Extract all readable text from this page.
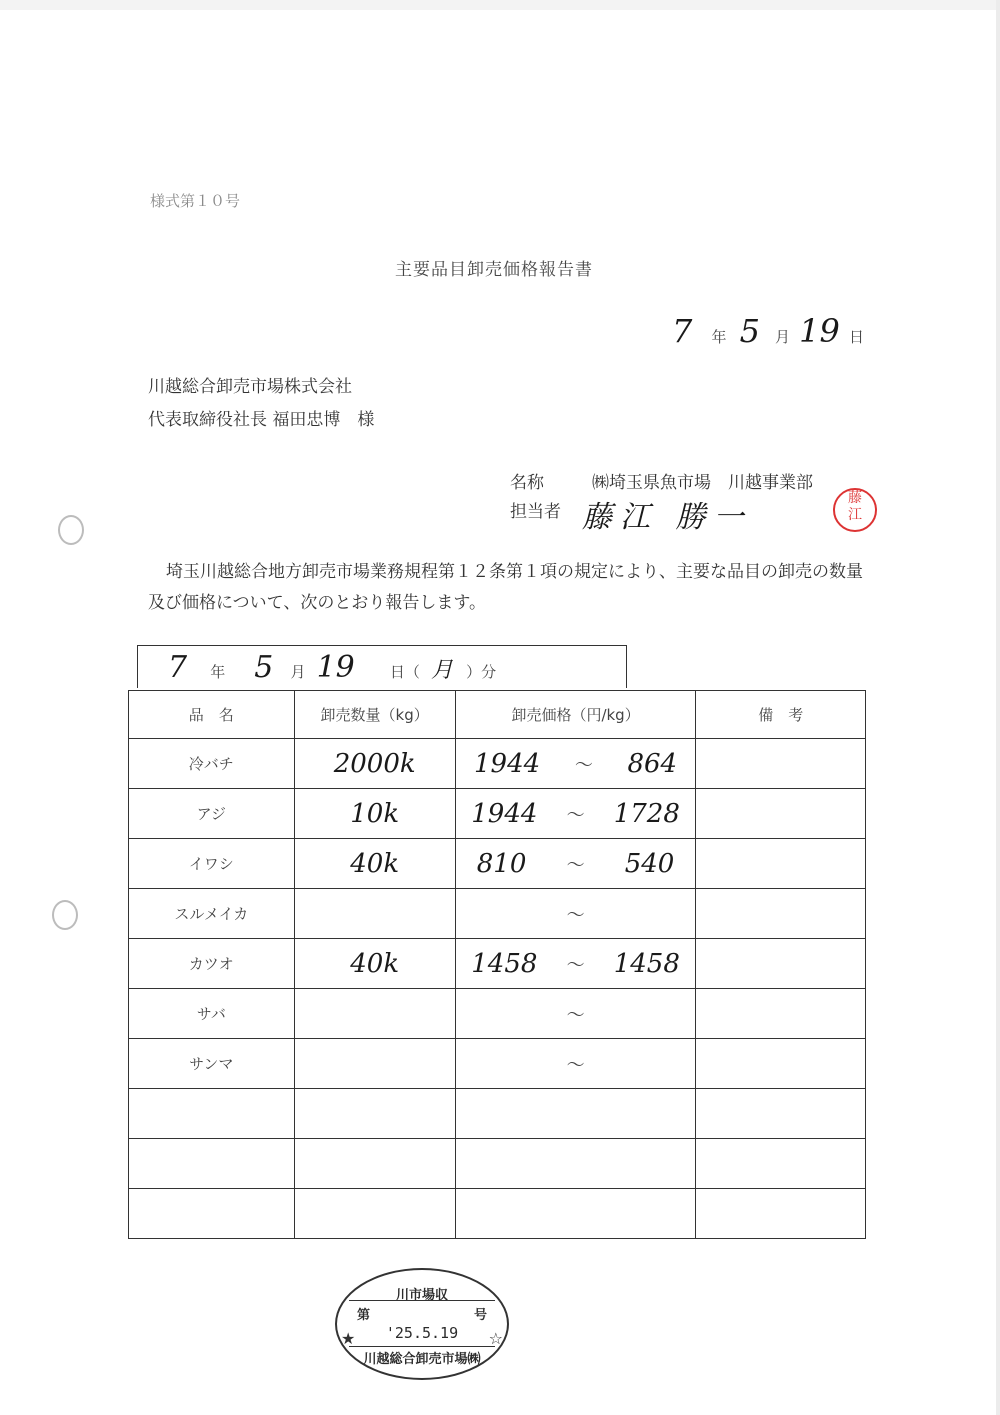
様式第１０号
主要品目卸売価格報告書
7 年 5 月 19 日
川越総合卸売市場株式会社
代表取締役社長 福田忠博　様
名称	㈱埼玉県魚市場　川越事業部
担当者 藤江 勝一
藤
江
埼玉川越総合地方卸売市場業務規程第１２条第１項の規定により、主要な品目の卸売の数量及び価格について、次のとおり報告します。
7 年 5 月 19 日（ 月 ）分
品　名	卸売数量（kg）	卸売価格（円/kg）	備　考
冷バチ	2000k	1944 ～ 864	

アジ	10k	1944 ～ 1728	

イワシ	40k	810 ～ 540	

スルメイカ		～	

カツオ	40k	1458 ～ 1458	

サバ		～	

サンマ		～	

川市場収
第	号
'25.5.19
川越総合卸売市場㈱
★	☆
